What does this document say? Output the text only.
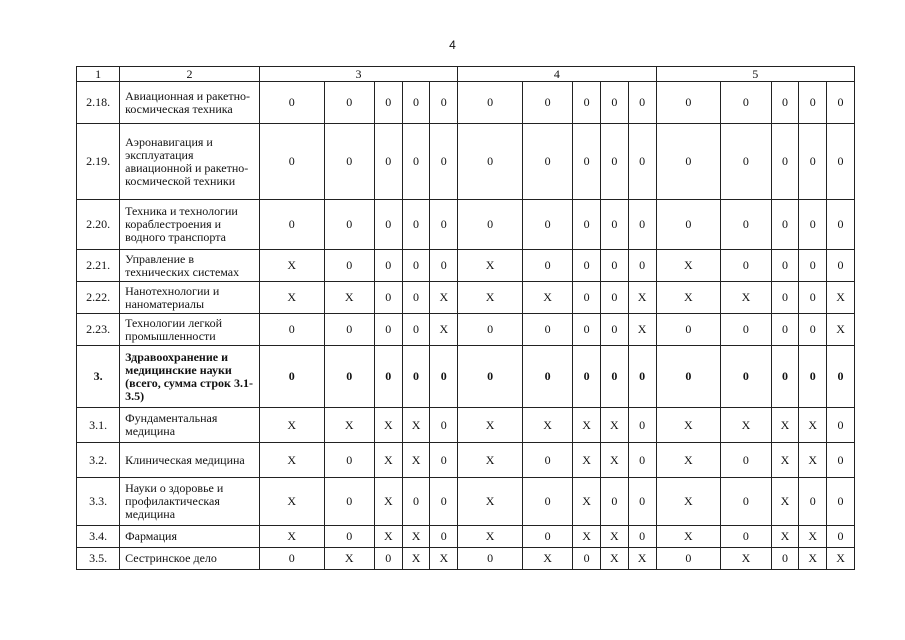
4
1	2	3					4					5				
2.18.	Авиационная и ракетно-космическая техника	0	0	0	0	0	0	0	0	0	0	0	0	0	0	0
2.19.	Аэронавигация и эксплуатация авиационной и ракетно-космической техники	0	0	0	0	0	0	0	0	0	0	0	0	0	0	0
2.20.	Техника и технологии кораблестроения и водного транспорта	0	0	0	0	0	0	0	0	0	0	0	0	0	0	0
2.21.	Управление в технических системах	X	0	0	0	0	X	0	0	0	0	X	0	0	0	0
2.22.	Нанотехнологии и наноматериалы	X	X	0	0	X	X	X	0	0	X	X	X	0	0	X
2.23.	Технологии легкой промышленности	0	0	0	0	X	0	0	0	0	X	0	0	0	0	X
3.	Здравоохранение и медицинские науки (всего, сумма строк 3.1- 3.5)	0	0	0	0	0	0	0	0	0	0	0	0	0	0	0
3.1.	Фундаментальная медицина	X	X	X	X	0	X	X	X	X	0	X	X	X	X	0
3.2.	Клиническая медицина	X	0	X	X	0	X	0	X	X	0	X	0	X	X	0
3.3.	Науки о здоровье и профилактическая медицина	X	0	X	0	0	X	0	X	0	0	X	0	X	0	0
3.4.	Фармация	X	0	X	X	0	X	0	X	X	0	X	0	X	X	0
3.5.	Сестринское дело	0	X	0	X	X	0	X	0	X	X	0	X	0	X	X
